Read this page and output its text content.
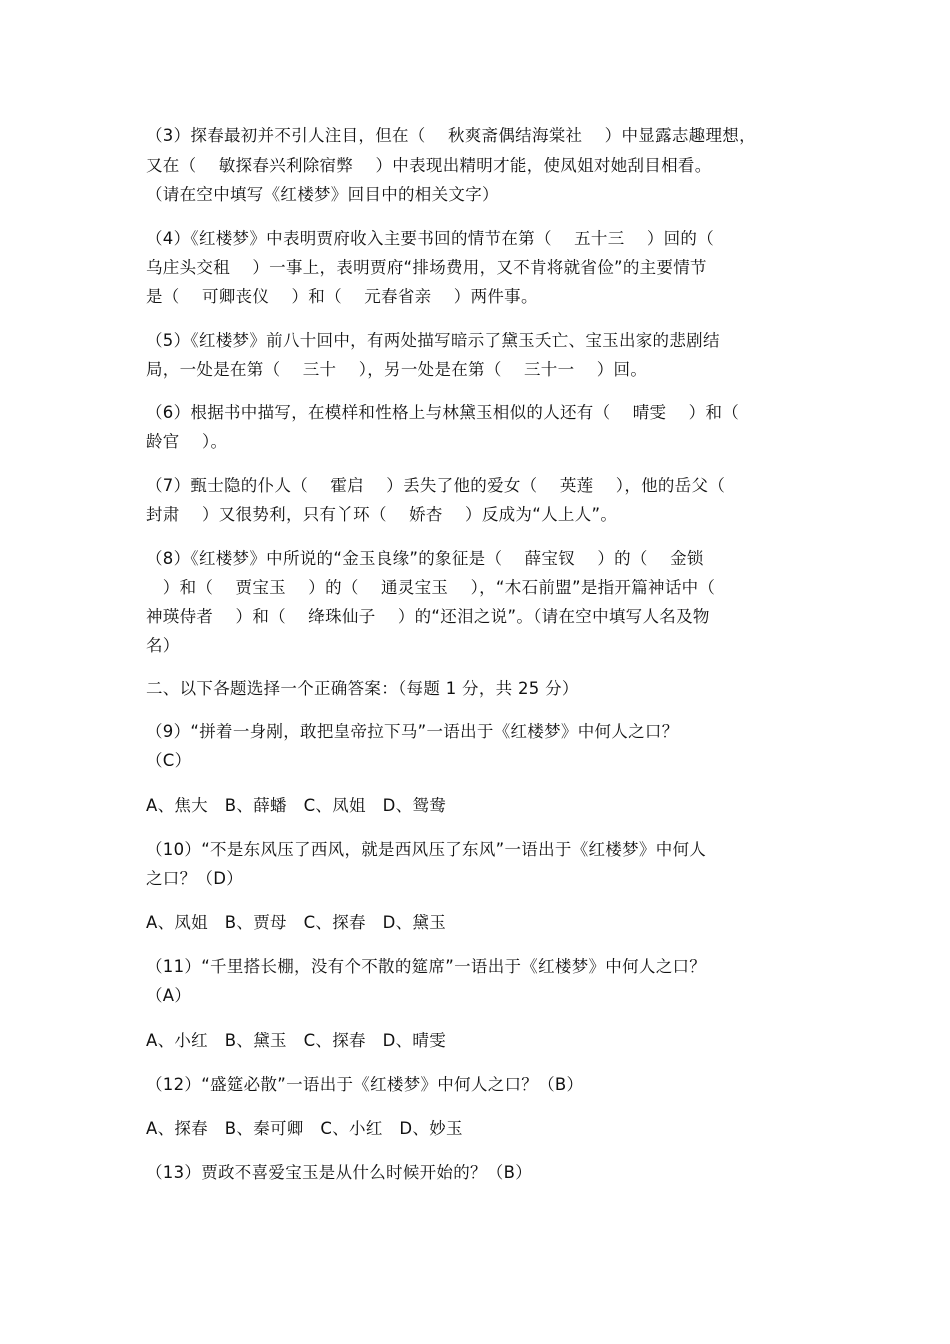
（3）探春最初并不引人注目，但在（　 秋爽斋偶结海棠社　 ）中显露志趣理想，
又在（　 敏探春兴利除宿弊　 ）中表现出精明才能，使凤姐对她刮目相看。
（请在空中填写《红楼梦》回目中的相关文字）
（4）《红楼梦》中表明贾府收入主要书回的情节在第（　 五十三　 ）回的（
乌庄头交租　 ）一事上，表明贾府“排场费用，又不肯将就省俭”的主要情节
是（　 可卿丧仪　 ）和（　 元春省亲　 ）两件事。
（5）《红楼梦》前八十回中，有两处描写暗示了黛玉夭亡、宝玉出家的悲剧结
局，一处是在第（　 三十　 ），另一处是在第（　 三十一　 ）回。
（6）根据书中描写，在模样和性格上与林黛玉相似的人还有（　 晴雯　 ）和（
龄官　 ）。
（7）甄士隐的仆人（　 霍启　 ）丢失了他的爱女（　 英莲　 ），他的岳父（
封肃　 ）又很势利，只有丫环（　 娇杏　 ）反成为“人上人”。
（8）《红楼梦》中所说的“金玉良缘”的象征是（　 薛宝钗　 ）的（　 金锁
　）和（　 贾宝玉　 ）的（　 通灵宝玉　 ），“木石前盟”是指开篇神话中（
神瑛侍者　 ）和（　 绛珠仙子　 ）的“还泪之说”。（请在空中填写人名及物
名）
二、以下各题选择一个正确答案：（每题 1 分，共 25 分）
（9）“拼着一身剐，敢把皇帝拉下马”一语出于《红楼梦》中何人之口？
（C）
A、焦大　B、薛蟠　C、凤姐　D、鸳鸯
（10）“不是东风压了西风，就是西风压了东风”一语出于《红楼梦》中何人
之口？（D）
A、凤姐　B、贾母　C、探春　D、黛玉
（11）“千里搭长棚，没有个不散的筵席”一语出于《红楼梦》中何人之口？
（A）
A、小红　B、黛玉　C、探春　D、晴雯
（12）“盛筵必散”一语出于《红楼梦》中何人之口？（B）
A、探春　B、秦可卿　C、小红　D、妙玉
（13）贾政不喜爱宝玉是从什么时候开始的？（B）
